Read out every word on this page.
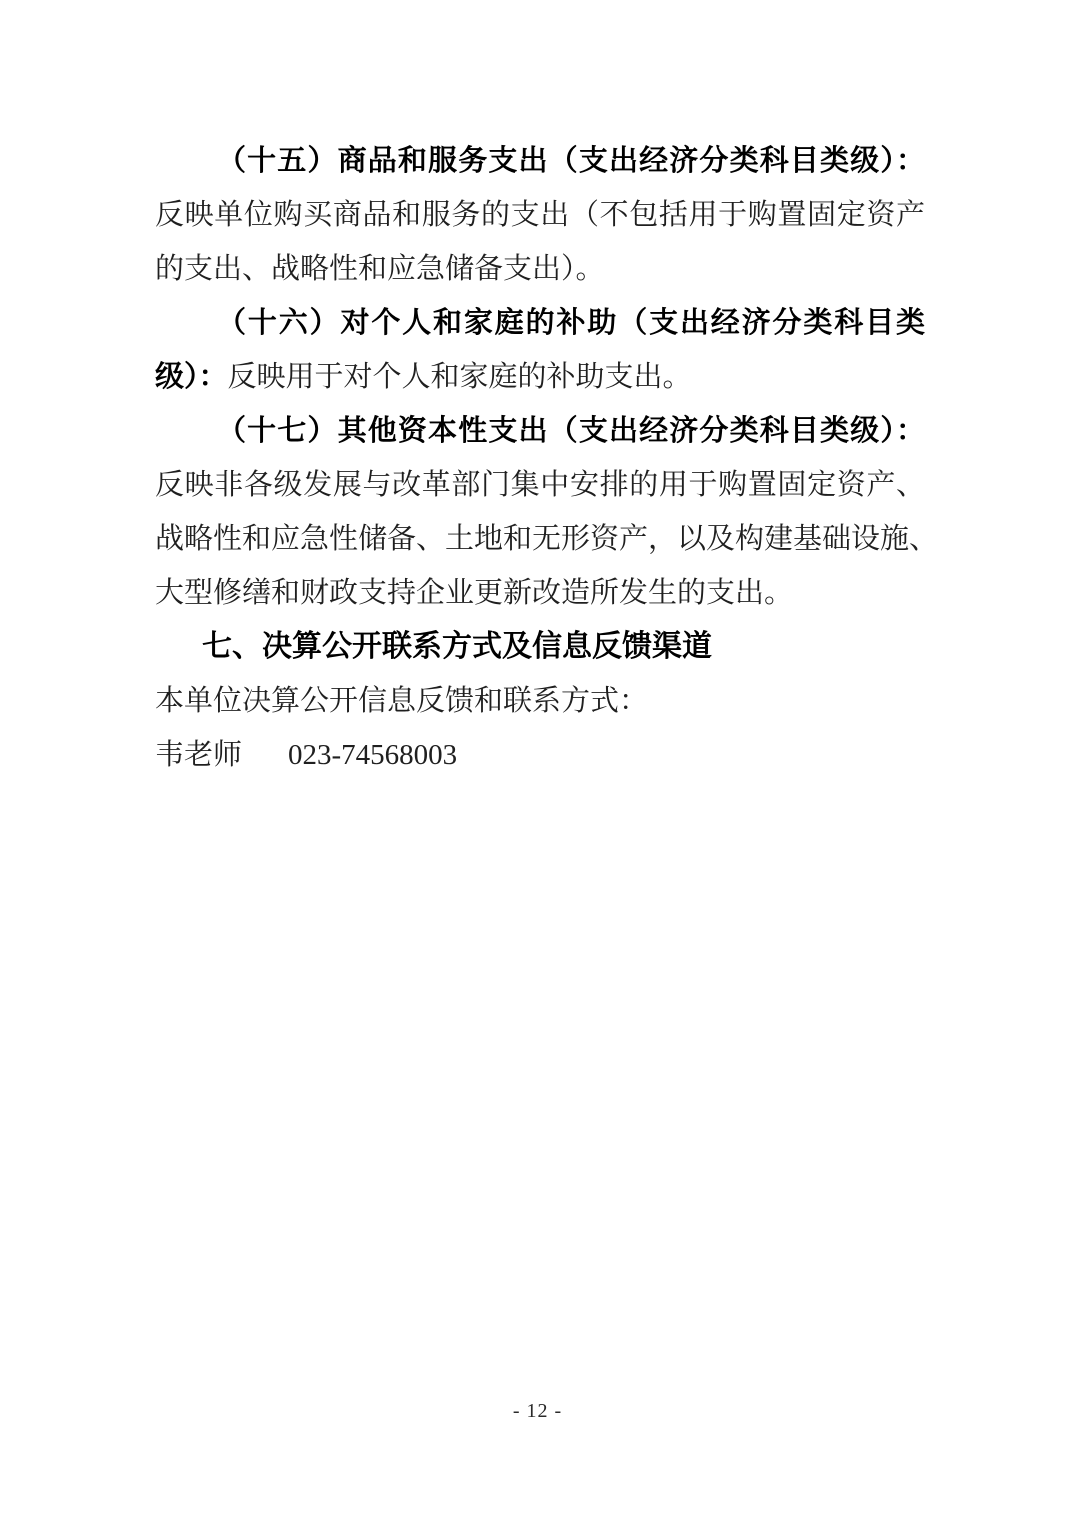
（十五）商品和服务支出（支出经济分类科目类级）：
反映单位购买商品和服务的支出（不包括用于购置固定资产
的支出、战略性和应急储备支出）。
（十六）对个人和家庭的补助（支出经济分类科目类
级）：反映用于对个人和家庭的补助支出。
（十七）其他资本性支出（支出经济分类科目类级）：
反映非各级发展与改革部门集中安排的用于购置固定资产、
战略性和应急性储备、土地和无形资产，以及构建基础设施、
大型修缮和财政支持企业更新改造所发生的支出。
七、决算公开联系方式及信息反馈渠道
本单位决算公开信息反馈和联系方式：
韦老师 023-74568003
- 12 -
